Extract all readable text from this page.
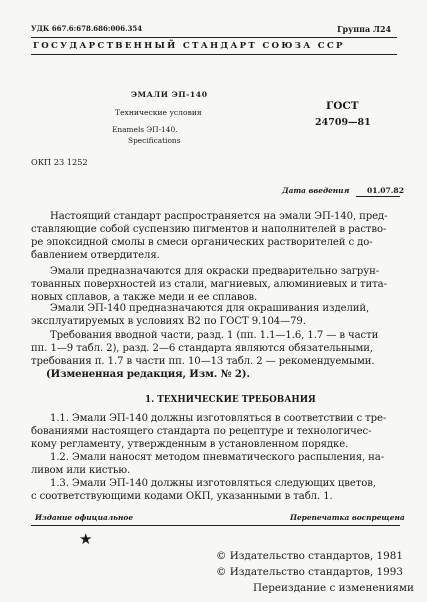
УДК 667.6:678.686:006.354	Группа Л24
ГОСУДАРСТВЕННЫЙ СТАНДАРТ СОЮЗА ССР
ЭМАЛИ ЭП-140
Технические условия
Enamels ЭП-140.
Specifications
ГОСТ
24709—81
ОКП 23 1252
Дата введения 01.07.82
Настоящий стандарт распространяется на эмали ЭП-140, пред-
ставляющие собой суспензию пигментов и наполнителей в раство-
ре эпоксидной смолы в смеси органических растворителей с до-
бавлением отвердителя.
Эмали предназначаются для окраски предварительно загрун-
тованных поверхностей из стали, магниевых, алюминиевых и тита-
новых сплавов, а также меди и ее сплавов.
Эмали ЭП-140 предназначаются для окрашивания изделий,
эксплуатируемых в условиях В2 по ГОСТ 9.104—79.
Требования вводной части, разд. 1 (пп. 1.1—1.6, 1.7 — в части
пп. 1—9 табл. 2), разд. 2—6 стандарта являются обязательными,
требования п. 1.7 в части пп. 10—13 табл. 2 — рекомендуемыми.
(Измененная редакция, Изм. № 2).
1. ТЕХНИЧЕСКИЕ ТРЕБОВАНИЯ
1.1. Эмали ЭП-140 должны изготовляться в соответствии с тре-
бованиями настоящего стандарта по рецептуре и технологичес-
кому регламенту, утвержденным в установленном порядке.
1.2. Эмали наносят методом пневматического распыления, на-
ливом или кистью.
1.3. Эмали ЭП-140 должны изготовляться следующих цветов,
с соответствующими кодами ОКП, указанными в табл. 1.
Издание официальное	Перепечатка воспрещена
★
© Издательство стандартов, 1981
© Издательство стандартов, 1993
Переиздание с изменениями
